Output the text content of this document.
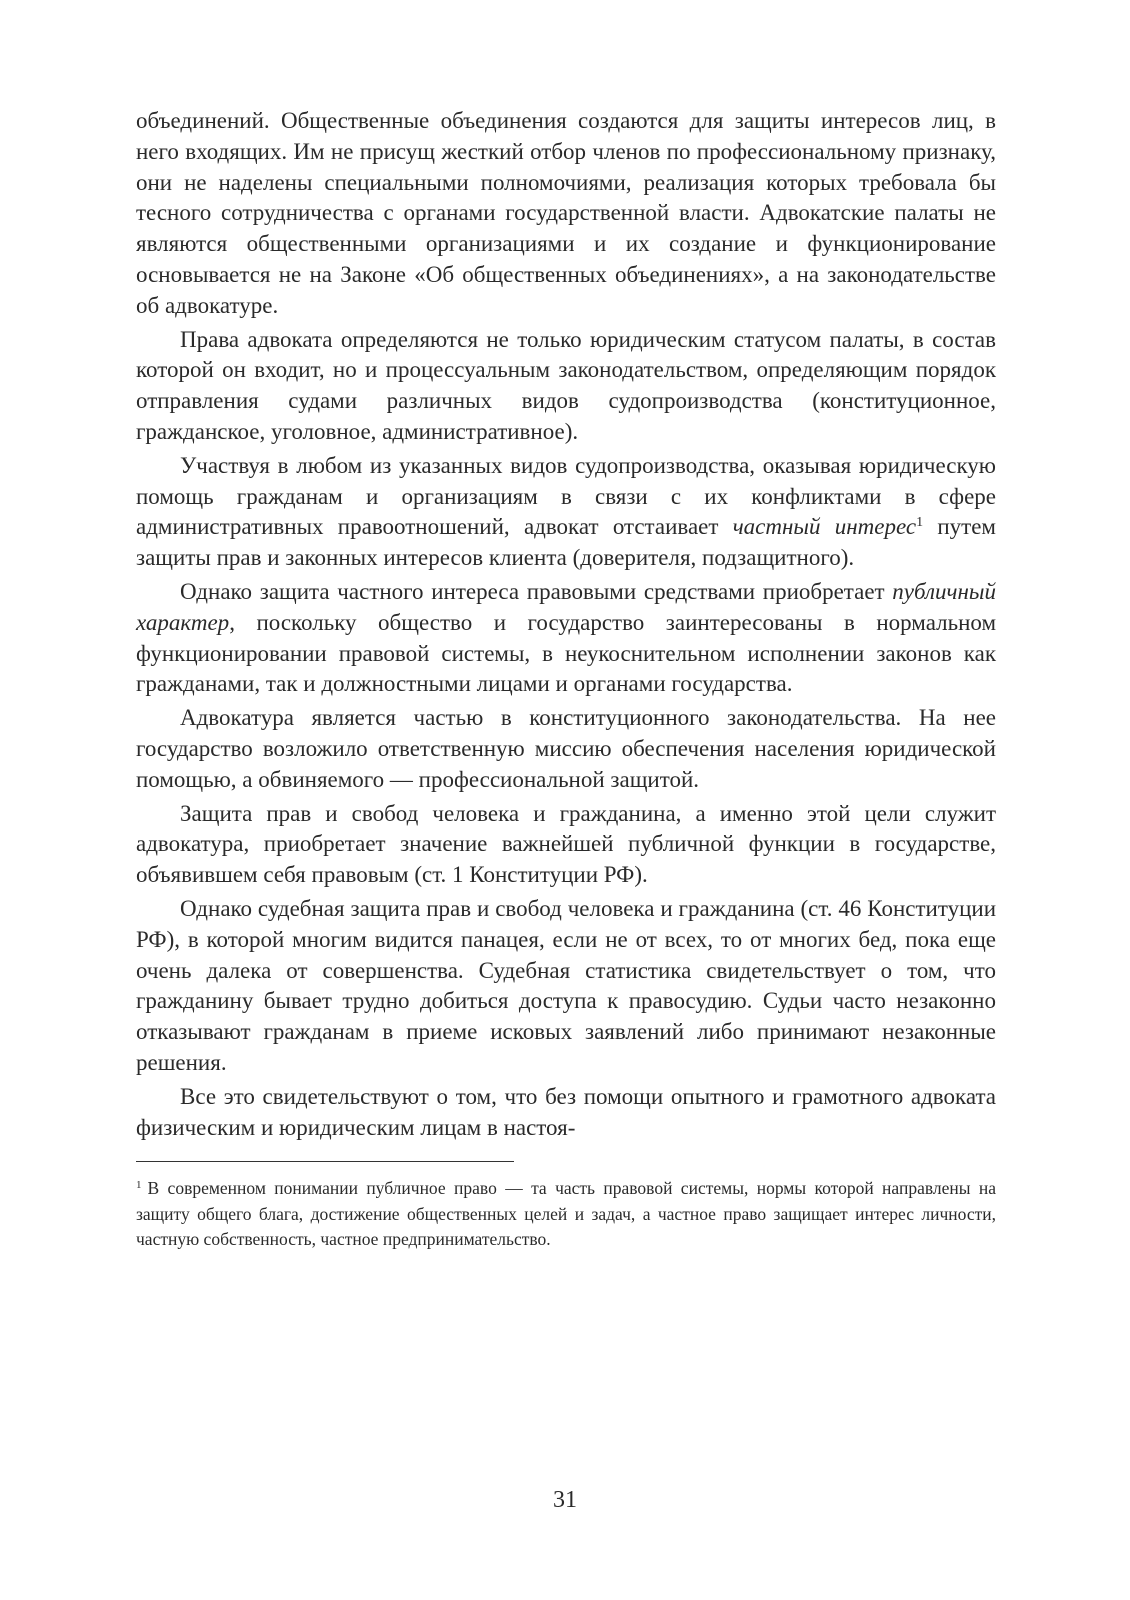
объединений. Общественные объединения создаются для защиты интересов лиц, в него входящих. Им не присущ жесткий отбор членов по профессиональному признаку, они не наделены специальными полномочиями, реализация которых требовала бы тесного сотрудничества с органами государственной власти. Адвокатские палаты не являются общественными организациями и их создание и функционирование основывается не на Законе «Об общественных объединениях», а на законодательстве об адвокатуре.

Права адвоката определяются не только юридическим статусом палаты, в состав которой он входит, но и процессуальным законодательством, определяющим порядок отправления судами различных видов судопроизводства (конституционное, гражданское, уголовное, административное).

Участвуя в любом из указанных видов судопроизводства, оказывая юридическую помощь гражданам и организациям в связи с их конфликтами в сфере административных правоотношений, адвокат отстаивает частный интерес$^1$ путем защиты прав и законных интересов клиента (доверителя, подзащитного).

Однако защита частного интереса правовыми средствами приобретает публичный характер, поскольку общество и государство заинтересованы в нормальном функционировании правовой системы, в неукоснительном исполнении законов как гражданами, так и должностными лицами и органами государства.

Адвокатура является частью в конституционного законодательства. На нее государство возложило ответственную миссию обеспечения населения юридической помощью, а обвиняемого — профессиональной защитой.

Защита прав и свобод человека и гражданина, а именно этой цели служит адвокатура, приобретает значение важнейшей публичной функции в государстве, объявившем себя правовым (ст. 1 Конституции РФ).

Однако судебная защита прав и свобод человека и гражданина (ст. 46 Конституции РФ), в которой многим видится панацея, если не от всех, то от многих бед, пока еще очень далека от совершенства. Судебная статистика свидетельствует о том, что гражданину бывает трудно добиться доступа к правосудию. Судьи часто незаконно отказывают гражданам в приеме исковых заявлений либо принимают незаконные решения.

Все это свидетельствуют о том, что без помощи опытного и грамотного адвоката физическим и юридическим лицам в настоя-

$^1$ В современном понимании публичное право — та часть правовой системы, нормы которой направлены на защиту общего блага, достижение общественных целей и задач, а частное право защищает интерес личности, частную собственность, частное предпринимательство.

31
